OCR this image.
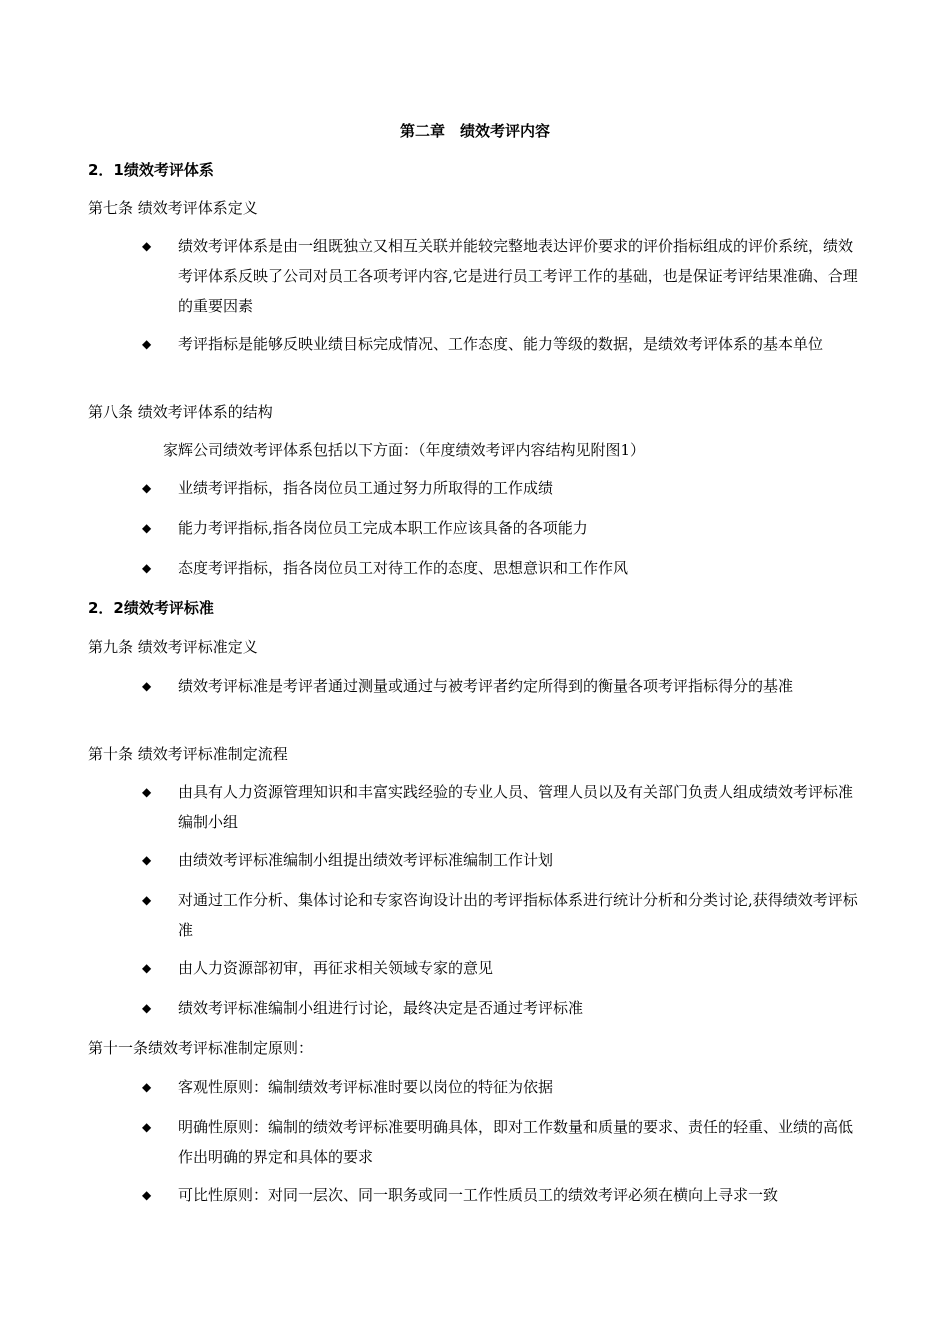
第二章　绩效考评内容
2．1绩效考评体系
第七条 绩效考评体系定义
◆ 绩效考评体系是由一组既独立又相互关联并能较完整地表达评价要求的评价指标组成的评价系统，绩效考评体系反映了公司对员工各项考评内容,它是进行员工考评工作的基础，也是保证考评结果准确、合理的重要因素
◆ 考评指标是能够反映业绩目标完成情况、工作态度、能力等级的数据，是绩效考评体系的基本单位
第八条 绩效考评体系的结构
家辉公司绩效考评体系包括以下方面：（年度绩效考评内容结构见附图1）
◆ 业绩考评指标，指各岗位员工通过努力所取得的工作成绩
◆ 能力考评指标,指各岗位员工完成本职工作应该具备的各项能力
◆ 态度考评指标，指各岗位员工对待工作的态度、思想意识和工作作风
2．2绩效考评标准
第九条 绩效考评标准定义
◆ 绩效考评标准是考评者通过测量或通过与被考评者约定所得到的衡量各项考评指标得分的基准
第十条 绩效考评标准制定流程
◆ 由具有人力资源管理知识和丰富实践经验的专业人员、管理人员以及有关部门负责人组成绩效考评标准编制小组
◆ 由绩效考评标准编制小组提出绩效考评标准编制工作计划
◆ 对通过工作分析、集体讨论和专家咨询设计出的考评指标体系进行统计分析和分类讨论,获得绩效考评标准
◆ 由人力资源部初审，再征求相关领域专家的意见
◆ 绩效考评标准编制小组进行讨论，最终决定是否通过考评标准
第十一条绩效考评标准制定原则：
◆ 客观性原则：编制绩效考评标准时要以岗位的特征为依据
◆ 明确性原则：编制的绩效考评标准要明确具体，即对工作数量和质量的要求、责任的轻重、业绩的高低作出明确的界定和具体的要求
◆ 可比性原则：对同一层次、同一职务或同一工作性质员工的绩效考评必须在横向上寻求一致
